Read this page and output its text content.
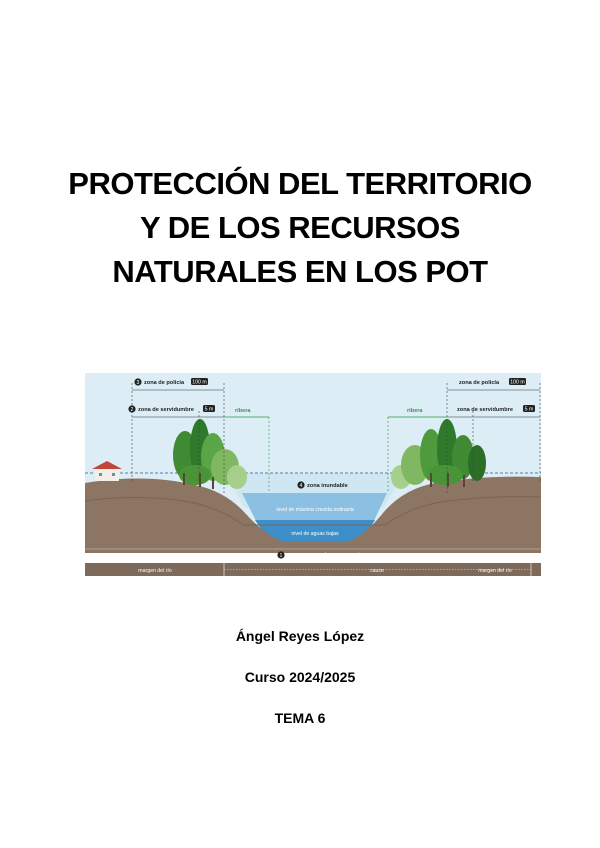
PROTECCIÓN DEL TERRITORIO
Y DE LOS RECURSOS
NATURALES EN LOS POT
3 zona de policía 100 m	zona de policía 100 m
2 zona de servidumbre 5 m	ribera	ribera	zona de servidumbre 5 m
4 zona inundable
nivel de máxima crecida ordinaria
nivel de aguas bajas
DOMINIO PRIVADO	1	DOMINIO PÚBLICO HIDRÁULICO	DOMINIO PRIVADO
margen del río	cauce	margen del río
Ángel Reyes López
Curso 2024/2025
TEMA 6
